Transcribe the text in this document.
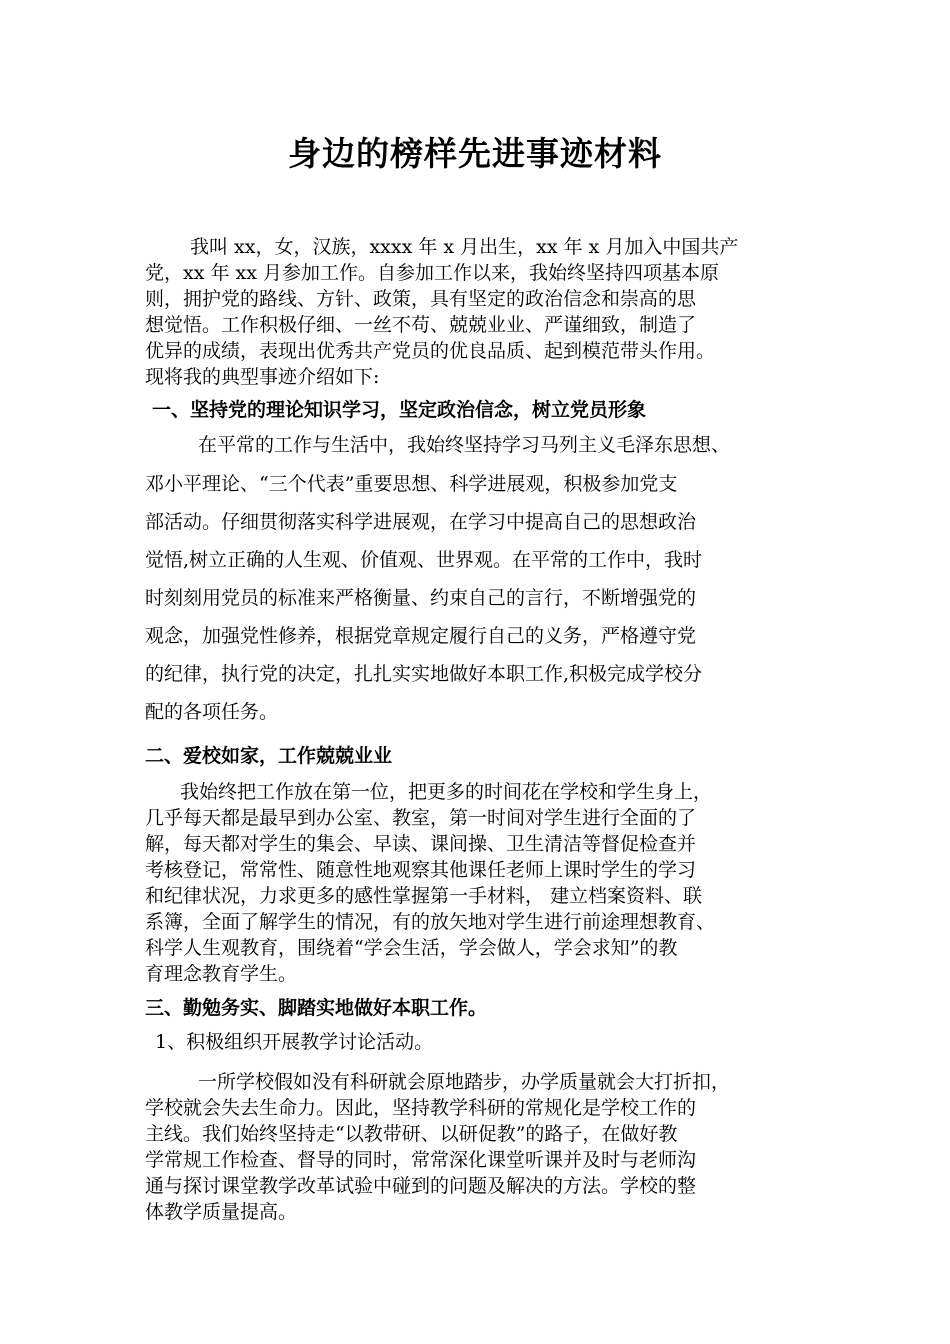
身边的榜样先进事迹材料
我叫 xx，女，汉族，xxxx 年 x 月出生，xx 年 x 月加入中国共产
党，xx 年 xx 月参加工作。自参加工作以来，我始终坚持四项基本原
则，拥护党的路线、方针、政策，具有坚定的政治信念和崇高的思
想觉悟。工作积极仔细、一丝不苟、兢兢业业、严谨细致，制造了
优异的成绩，表现出优秀共产党员的优良品质、起到模范带头作用。
现将我的典型事迹介绍如下:
一、坚持党的理论知识学习，坚定政治信念，树立党员形象
在平常的工作与生活中，我始终坚持学习马列主义毛泽东思想、
邓小平理论、“三个代表”重要思想、科学进展观，积极参加党支
部活动。仔细贯彻落实科学进展观，在学习中提高自己的思想政治
觉悟,树立正确的人生观、价值观、世界观。在平常的工作中，我时
时刻刻用党员的标准来严格衡量、约束自己的言行，不断增强党的
观念，加强党性修养，根据党章规定履行自己的义务，严格遵守党
的纪律，执行党的决定，扎扎实实地做好本职工作,积极完成学校分
配的各项任务。
二、爱校如家，工作兢兢业业
我始终把工作放在第一位，把更多的时间花在学校和学生身上，
几乎每天都是最早到办公室、教室，第一时间对学生进行全面的了
解，每天都对学生的集会、早读、课间操、卫生清洁等督促检查并
考核登记，常常性、随意性地观察其他课任老师上课时学生的学习
和纪律状况，力求更多的感性掌握第一手材料， 建立档案资料、联
系簿，全面了解学生的情况，有的放矢地对学生进行前途理想教育、
科学人生观教育，围绕着“学会生活，学会做人，学会求知”的教
育理念教育学生。
三、勤勉务实、脚踏实地做好本职工作。
1、积极组织开展教学讨论活动。
一所学校假如没有科研就会原地踏步，办学质量就会大打折扣，
学校就会失去生命力。因此，坚持教学科研的常规化是学校工作的
主线。我们始终坚持走“以教带研、以研促教”的路子，在做好教
学常规工作检查、督导的同时，常常深化课堂听课并及时与老师沟
通与探讨课堂教学改革试验中碰到的问题及解决的方法。学校的整
体教学质量提高。
